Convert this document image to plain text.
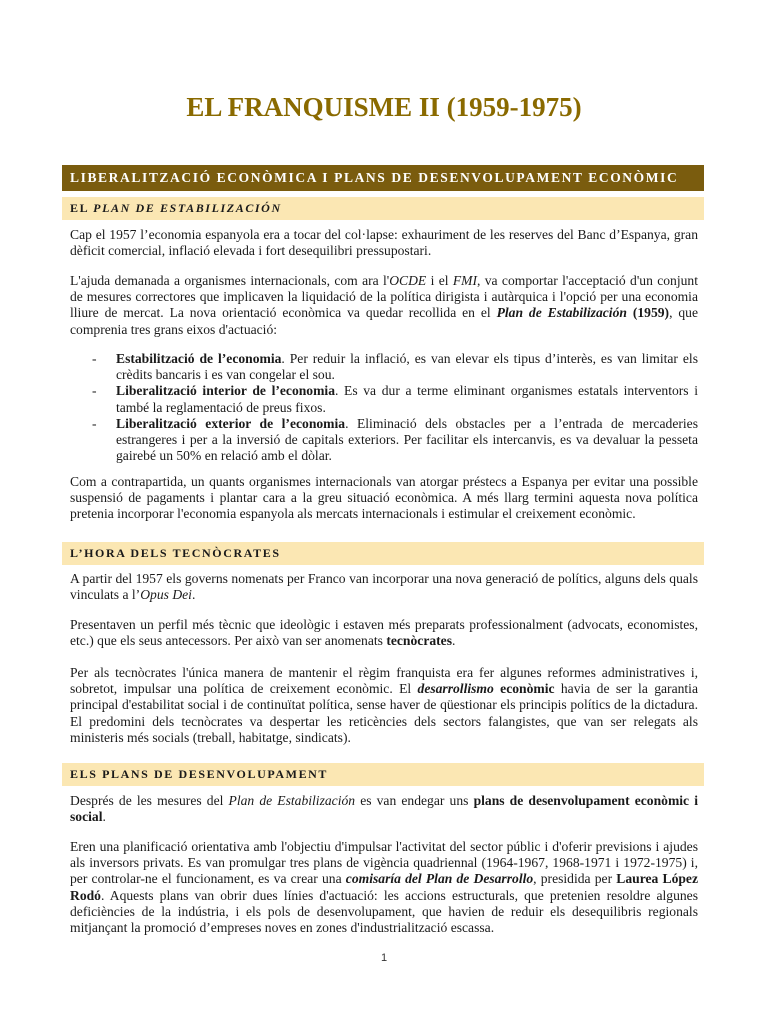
EL FRANQUISME II (1959-1975)
LIBERALITZACIÓ ECONÒMICA I PLANS DE DESENVOLUPAMENT ECONÒMIC
EL PLAN DE ESTABILIZACIÓN

Cap el 1957 l’economia espanyola era a tocar del col·lapse: exhauriment de les reserves del Banc d’Espanya, gran dèficit comercial, inflació elevada i fort desequilibri pressupostari.

L'ajuda demanada a organismes internacionals, com ara l'OCDE i el FMI, va comportar l'acceptació d'un conjunt de mesures correctores que implicaven la liquidació de la política dirigista i autàrquica i l'opció per una economia lliure de mercat. La nova orientació econòmica va quedar recollida en el Plan de Estabilización (1959), que comprenia tres grans eixos d'actuació:

- Estabilització de l’economia. Per reduir la inflació, es van elevar els tipus d’interès, es van limitar els crèdits bancaris i es van congelar el sou.
- Liberalització interior de l’economia. Es va dur a terme eliminant organismes estatals interventors i també la reglamentació de preus fixos.
- Liberalització exterior de l’economia. Eliminació dels obstacles per a l’entrada de mercaderies estrangeres i per a la inversió de capitals exteriors. Per facilitar els intercanvis, es va devaluar la pesseta gairebé un 50% en relació amb el dòlar.

Com a contrapartida, un quants organismes internacionals van atorgar préstecs a Espanya per evitar una possible suspensió de pagaments i plantar cara a la greu situació econòmica. A més llarg termini aquesta nova política pretenia incorporar l'economia espanyola als mercats internacionals i estimular el creixement econòmic.

L’HORA DELS TECNÒCRATES

A partir del 1957 els governs nomenats per Franco van incorporar una nova generació de polítics, alguns dels quals vinculats a l’Opus Dei.

Presentaven un perfil més tècnic que ideològic i estaven més preparats professionalment (advocats, economistes, etc.) que els seus antecessors. Per això van ser anomenats tecnòcrates.

Per als tecnòcrates l'única manera de mantenir el règim franquista era fer algunes reformes administratives i, sobretot, impulsar una política de creixement econòmic. El desarrollismo econòmic havia de ser la garantia principal d'estabilitat social i de continuïtat política, sense haver de qüestionar els principis polítics de la dictadura. El predomini dels tecnòcrates va despertar les reticències dels sectors falangistes, que van ser relegats als ministeris més socials (treball, habitatge, sindicats).

ELS PLANS DE DESENVOLUPAMENT

Després de les mesures del Plan de Estabilización es van endegar uns plans de desenvolupament econòmic i social.

Eren una planificació orientativa amb l'objectiu d'impulsar l'activitat del sector públic i d'oferir previsions i ajudes als inversors privats. Es van promulgar tres plans de vigència quadriennal (1964-1967, 1968-1971 i 1972-1975) i, per controlar-ne el funcionament, es va crear una comisaría del Plan de Desarrollo, presidida per Laurea López Rodó. Aquests plans van obrir dues línies d'actuació: les accions estructurals, que pretenien resoldre algunes deficiències de la indústria, i els pols de desenvolupament, que havien de reduir els desequilibris regionals mitjançant la promoció d’empreses noves en zones d'industrialització escassa.

1
